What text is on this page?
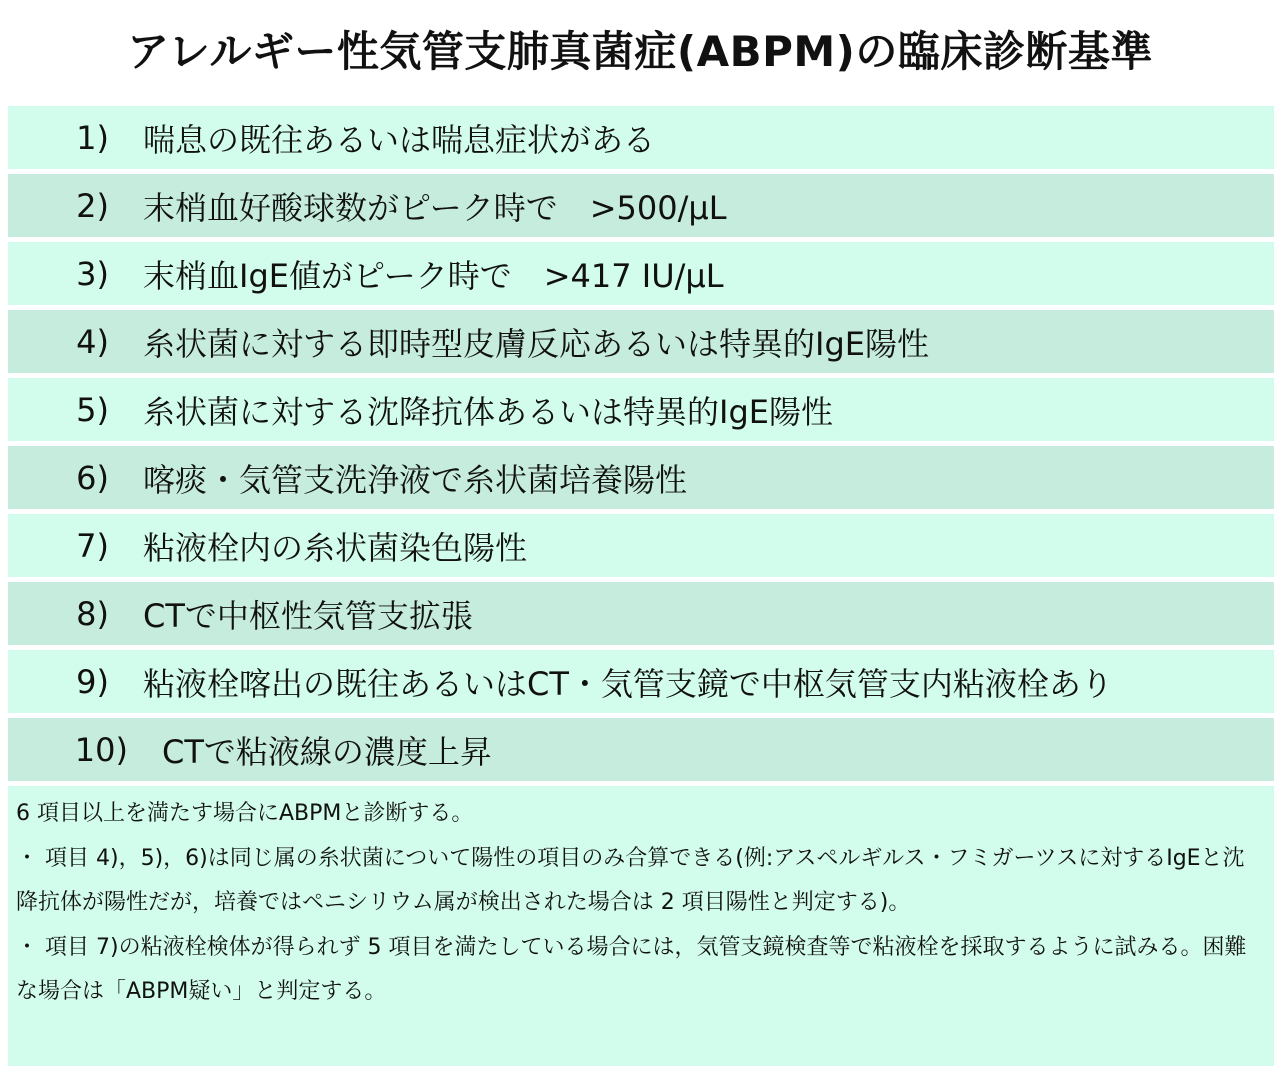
アレルギー性気管支肺真菌症(ABPM)の臨床診断基準
1) 喘息の既往あるいは喘息症状がある
2) 末梢血好酸球数がピーク時で　>500/μL
3) 末梢血IgE値がピーク時で　>417 IU/μL
4) 糸状菌に対する即時型皮膚反応あるいは特異的IgE陽性
5) 糸状菌に対する沈降抗体あるいは特異的IgE陽性
6) 喀痰・気管支洗浄液で糸状菌培養陽性
7) 粘液栓内の糸状菌染色陽性
8) CTで中枢性気管支拡張
9) 粘液栓喀出の既往あるいはCT・気管支鏡で中枢気管支内粘液栓あり
10) CTで粘液線の濃度上昇

6 項目以上を満たす場合にABPMと診断する。

・ 項目 4)，5)，6)は同じ属の糸状菌について陽性の項目のみ合算できる(例:アスペルギルス・フミガーツスに対するIgEと沈降抗体が陽性だが，培養ではペニシリウム属が検出された場合は 2 項目陽性と判定する)。

・ 項目 7)の粘液栓検体が得られず 5 項目を満たしている場合には，気管支鏡検査等で粘液栓を採取するように試みる。困難な場合は「ABPM疑い」と判定する。
